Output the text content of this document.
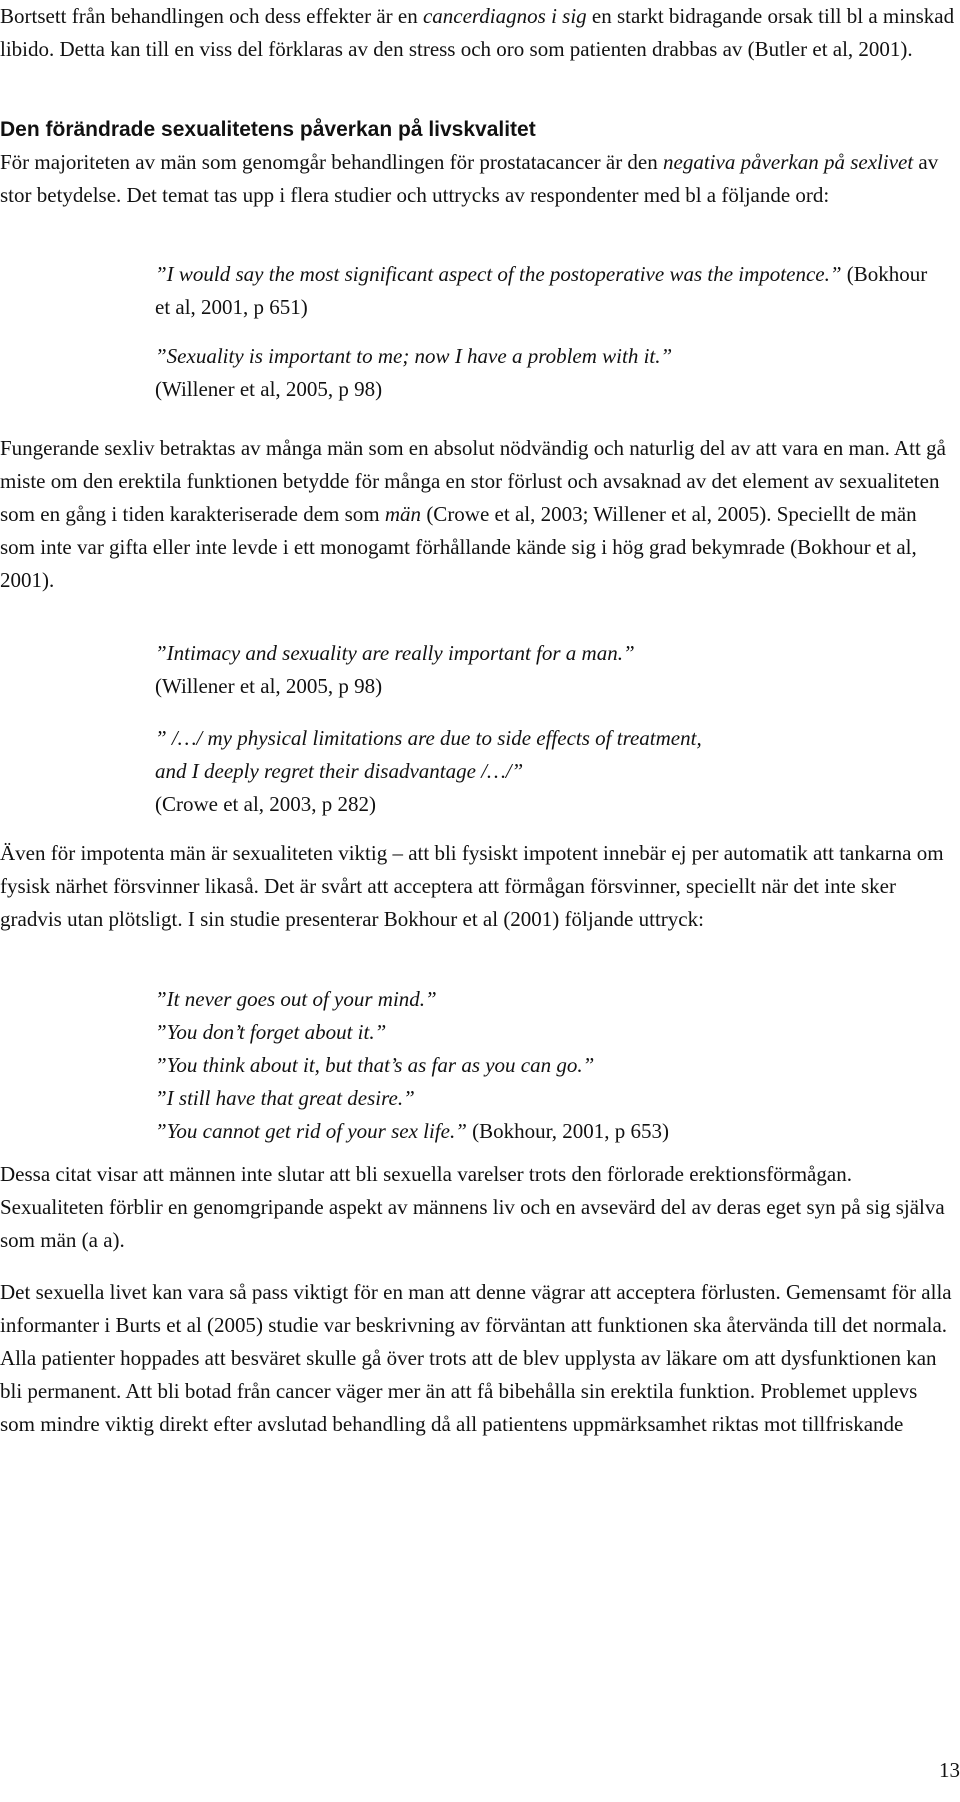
Bortsett från behandlingen och dess effekter är en cancerdiagnos i sig en starkt bidragande orsak till bl a minskad libido. Detta kan till en viss del förklaras av den stress och oro som patienten drabbas av (Butler et al, 2001).

Den förändrade sexualitetens påverkan på livskvalitet

För majoriteten av män som genomgår behandlingen för prostatacancer är den negativa påverkan på sexlivet av stor betydelse. Det temat tas upp i flera studier och uttrycks av respondenter med bl a följande ord:

”I would say the most significant aspect of the postoperative was the impotence.” (Bokhour et al, 2001, p 651)

”Sexuality is important to me; now I have a problem with it.”
(Willener et al, 2005, p 98)

Fungerande sexliv betraktas av många män som en absolut nödvändig och naturlig del av att vara en man. Att gå miste om den erektila funktionen betydde för många en stor förlust och avsaknad av det element av sexualiteten som en gång i tiden karakteriserade dem som män (Crowe et al, 2003; Willener et al, 2005). Speciellt de män som inte var gifta eller inte levde i ett monogamt förhållande kände sig i hög grad bekymrade (Bokhour et al, 2001).

”Intimacy and sexuality are really important for a man.”
(Willener et al, 2005, p 98)

” /…/ my physical limitations are due to side effects of treatment,
and I deeply regret their disadvantage /…/”
(Crowe et al, 2003, p 282)

Även för impotenta män är sexualiteten viktig – att bli fysiskt impotent innebär ej per automatik att tankarna om fysisk närhet försvinner likaså. Det är svårt att acceptera att förmågan försvinner, speciellt när det inte sker gradvis utan plötsligt. I sin studie presenterar Bokhour et al (2001) följande uttryck:

”It never goes out of your mind.”
”You don’t forget about it.”
”You think about it, but that’s as far as you can go.”
”I still have that great desire.”
”You cannot get rid of your sex life.” (Bokhour, 2001, p 653)

Dessa citat visar att männen inte slutar att bli sexuella varelser trots den förlorade erektionsförmågan. Sexualiteten förblir en genomgripande aspekt av männens liv och en avsevärd del av deras eget syn på sig själva som män (a a).

Det sexuella livet kan vara så pass viktigt för en man att denne vägrar att acceptera förlusten. Gemensamt för alla informanter i Burts et al (2005) studie var beskrivning av förväntan att funktionen ska återvända till det normala. Alla patienter hoppades att besväret skulle gå över trots att de blev upplysta av läkare om att dysfunktionen kan bli permanent. Att bli botad från cancer väger mer än att få bibehålla sin erektila funktion. Problemet upplevs som mindre viktig direkt efter avslutad behandling då all patientens uppmärksamhet riktas mot tillfriskande

13
